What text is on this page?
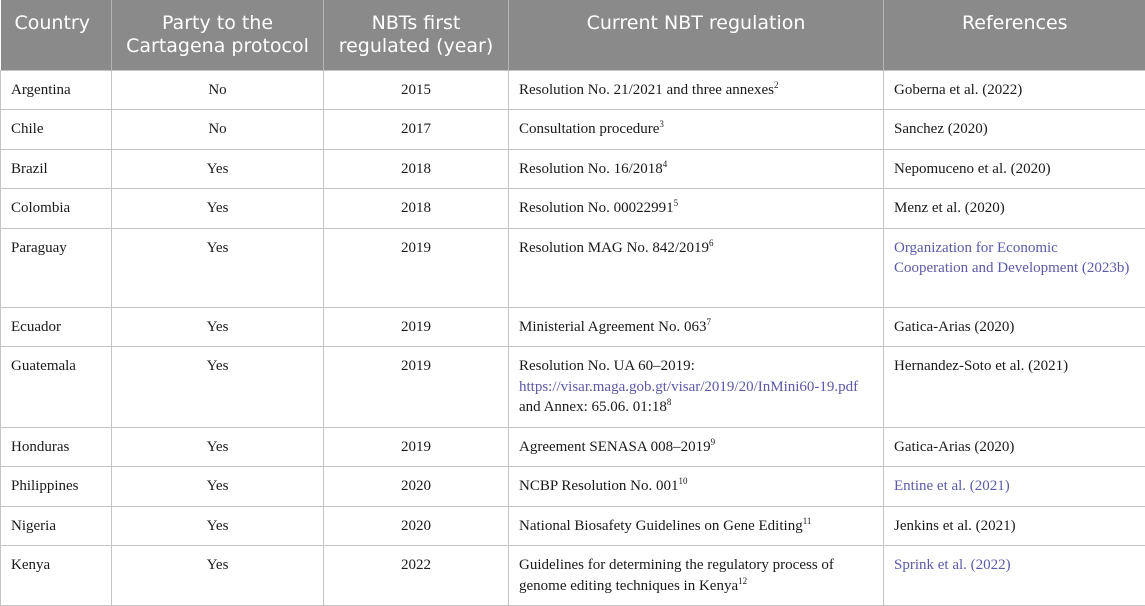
Country	Party to the Cartagena protocol	NBTs first regulated (year)	Current NBT regulation	References
Argentina	No	2015	Resolution No. 21/2021 and three annexes$^2$	Goberna et al. (2022)
Chile	No	2017	Consultation procedure$^3$	Sanchez (2020)
Brazil	Yes	2018	Resolution No. 16/2018$^4$	Nepomuceno et al. (2020)
Colombia	Yes	2018	Resolution No. 00022991$^5$	Menz et al. (2020)
Paraguay	Yes	2019	Resolution MAG No. 842/2019$^6$	Organization for Economic Cooperation and Development (2023b)
Ecuador	Yes	2019	Ministerial Agreement No. 063$^7$	Gatica-Arias (2020)
Guatemala	Yes	2019	Resolution No. UA 60–2019: https://visar.maga.gob.gt/visar/2019/20/InMini60-19.pdf and Annex: 65.06. 01:18$^8$	Hernandez-Soto et al. (2021)
Honduras	Yes	2019	Agreement SENASA 008–2019$^9$	Gatica-Arias (2020)
Philippines	Yes	2020	NCBP Resolution No. 001$^{10}$	Entine et al. (2021)
Nigeria	Yes	2020	National Biosafety Guidelines on Gene Editing$^{11}$	Jenkins et al. (2021)
Kenya	Yes	2022	Guidelines for determining the regulatory process of genome editing techniques in Kenya$^{12}$	Sprink et al. (2022)
